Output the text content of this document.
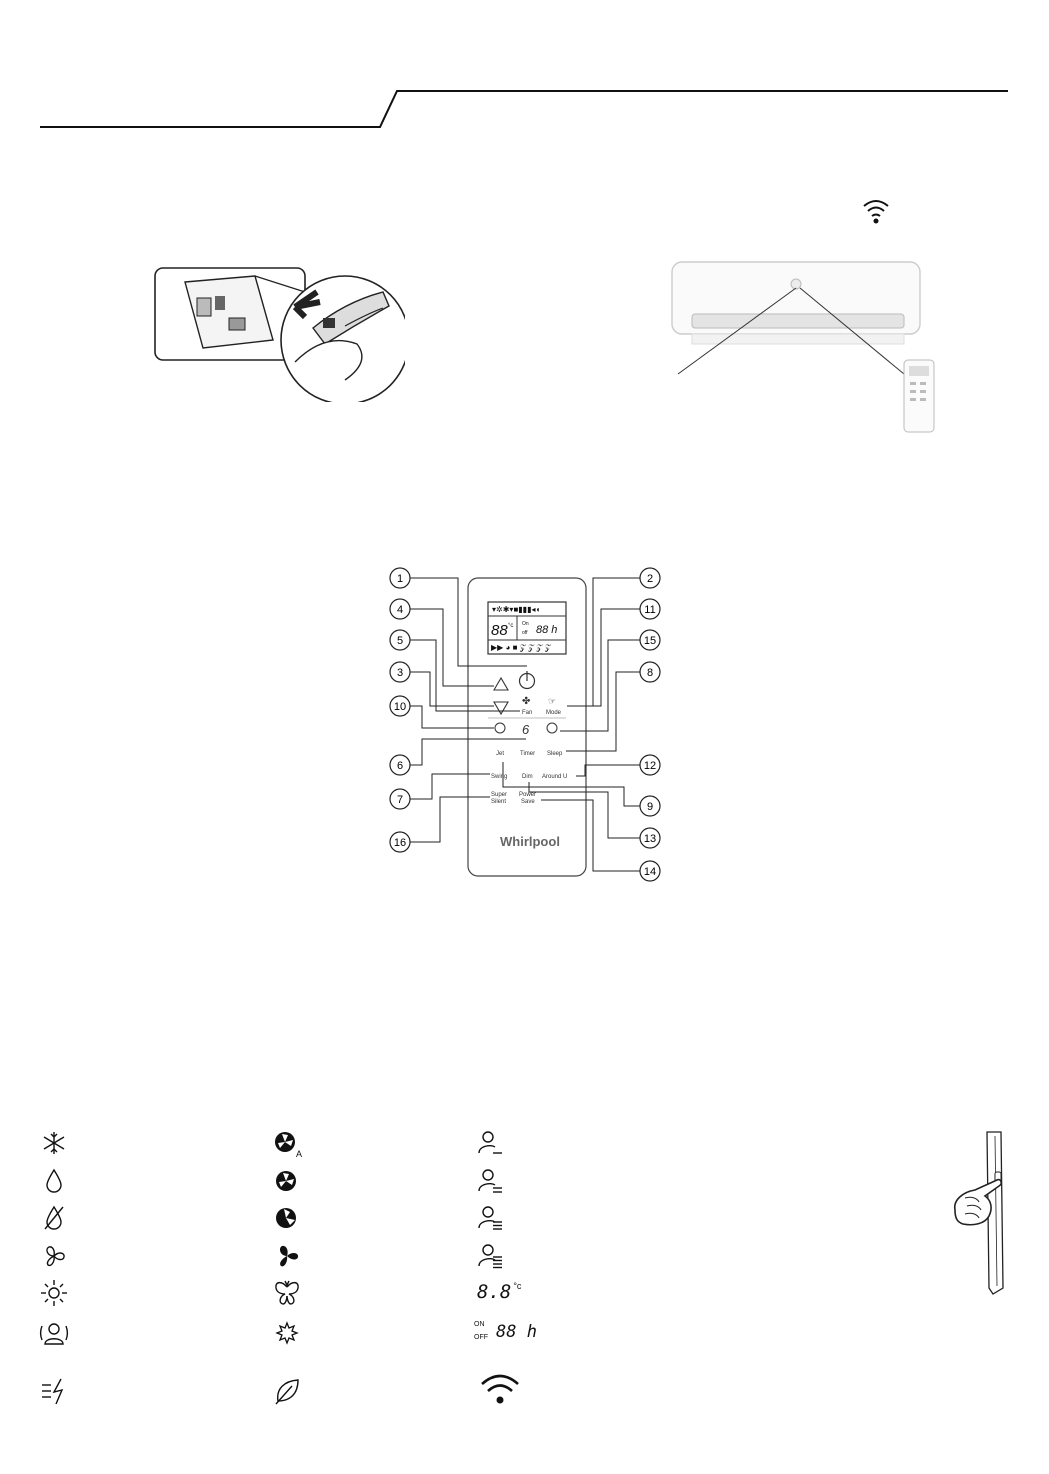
▾✲✱▾■▮▮▮◂◖
88 °c On
off 88 h
▶▶ ◕ ■ 𝒵 𝒵 𝒵 𝒵
✤
Fan
☞
Mode
6
Jet	Timer Sleep
Swing Dim Around U
Super
Silent
Power
Save
Whirlpool
1
4
5
3
10
6
7
16
2
11
15
8
12
9
13
14
A
8.8 $^{^\circ c}$
ON
OFF 88 h
